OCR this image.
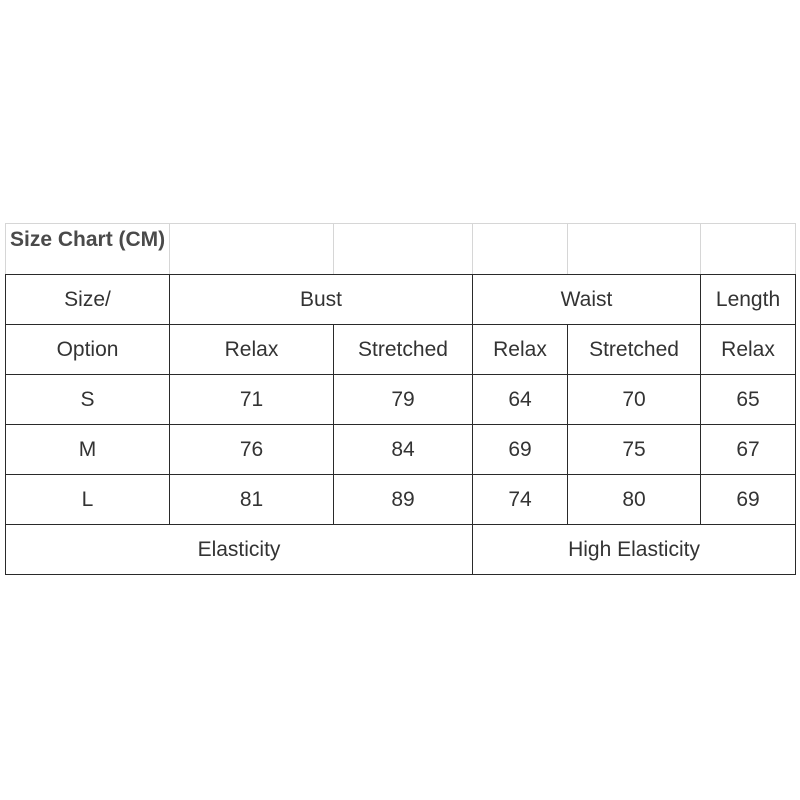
Size Chart (CM)
Size/	Bust		Waist		Length
Option	Relax	Stretched	Relax	Stretched	Relax
S	71	79	64	70	65
M	76	84	69	75	67
L	81	89	74	80	69
Elasticity			High Elasticity		
